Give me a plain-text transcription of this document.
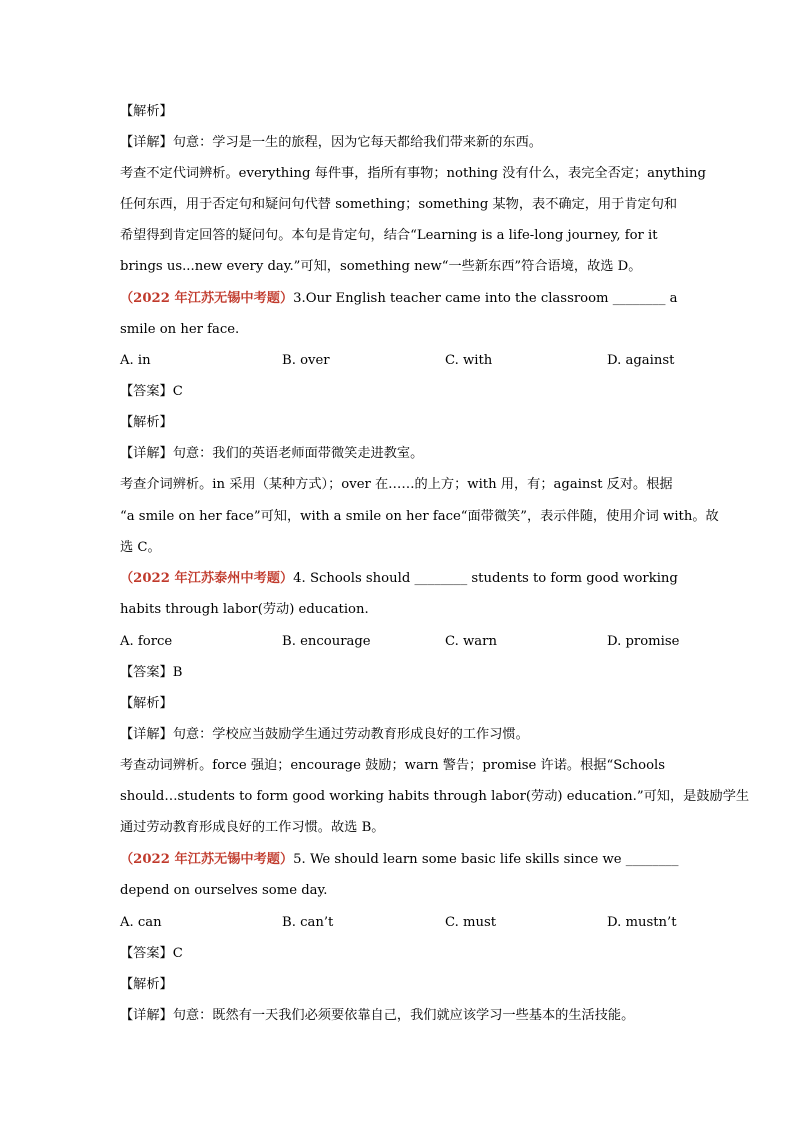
【解析】
【详解】句意：学习是一生的旅程，因为它每天都给我们带来新的东西。
考查不定代词辨析。everything 每件事，指所有事物；nothing 没有什么，表完全否定；anything
任何东西，用于否定句和疑问句代替 something；something 某物，表不确定，用于肯定句和
希望得到肯定回答的疑问句。本句是肯定句，结合“Learning is a life-long journey, for it
brings us...new every day.”可知，something new“一些新东西”符合语境，故选 D。
（2022 年江苏无锡中考题）3.Our English teacher came into the classroom ________ a
smile on her face.
A. in	B. over	C. with	D. against
【答案】C
【解析】
【详解】句意：我们的英语老师面带微笑走进教室。
考查介词辨析。in 采用（某种方式）；over 在……的上方；with 用，有；against 反对。根据
“a smile on her face”可知，with a smile on her face“面带微笑”，表示伴随，使用介词 with。故
选 C。
（2022 年江苏泰州中考题）4. Schools should ________ students to form good working
habits through labor(劳动) education.
A. force	B. encourage	C. warn	D. promise
【答案】B
【解析】
【详解】句意：学校应当鼓励学生通过劳动教育形成良好的工作习惯。
考查动词辨析。force 强迫；encourage 鼓励；warn 警告；promise 许诺。根据“Schools
should…students to form good working habits through labor(劳动) education.”可知，是鼓励学生
通过劳动教育形成良好的工作习惯。故选 B。
（2022 年江苏无锡中考题）5. We should learn some basic life skills since we ________
depend on ourselves some day.
A. can	B. can’t	C. must	D. mustn’t
【答案】C
【解析】
【详解】句意：既然有一天我们必须要依靠自己，我们就应该学习一些基本的生活技能。
